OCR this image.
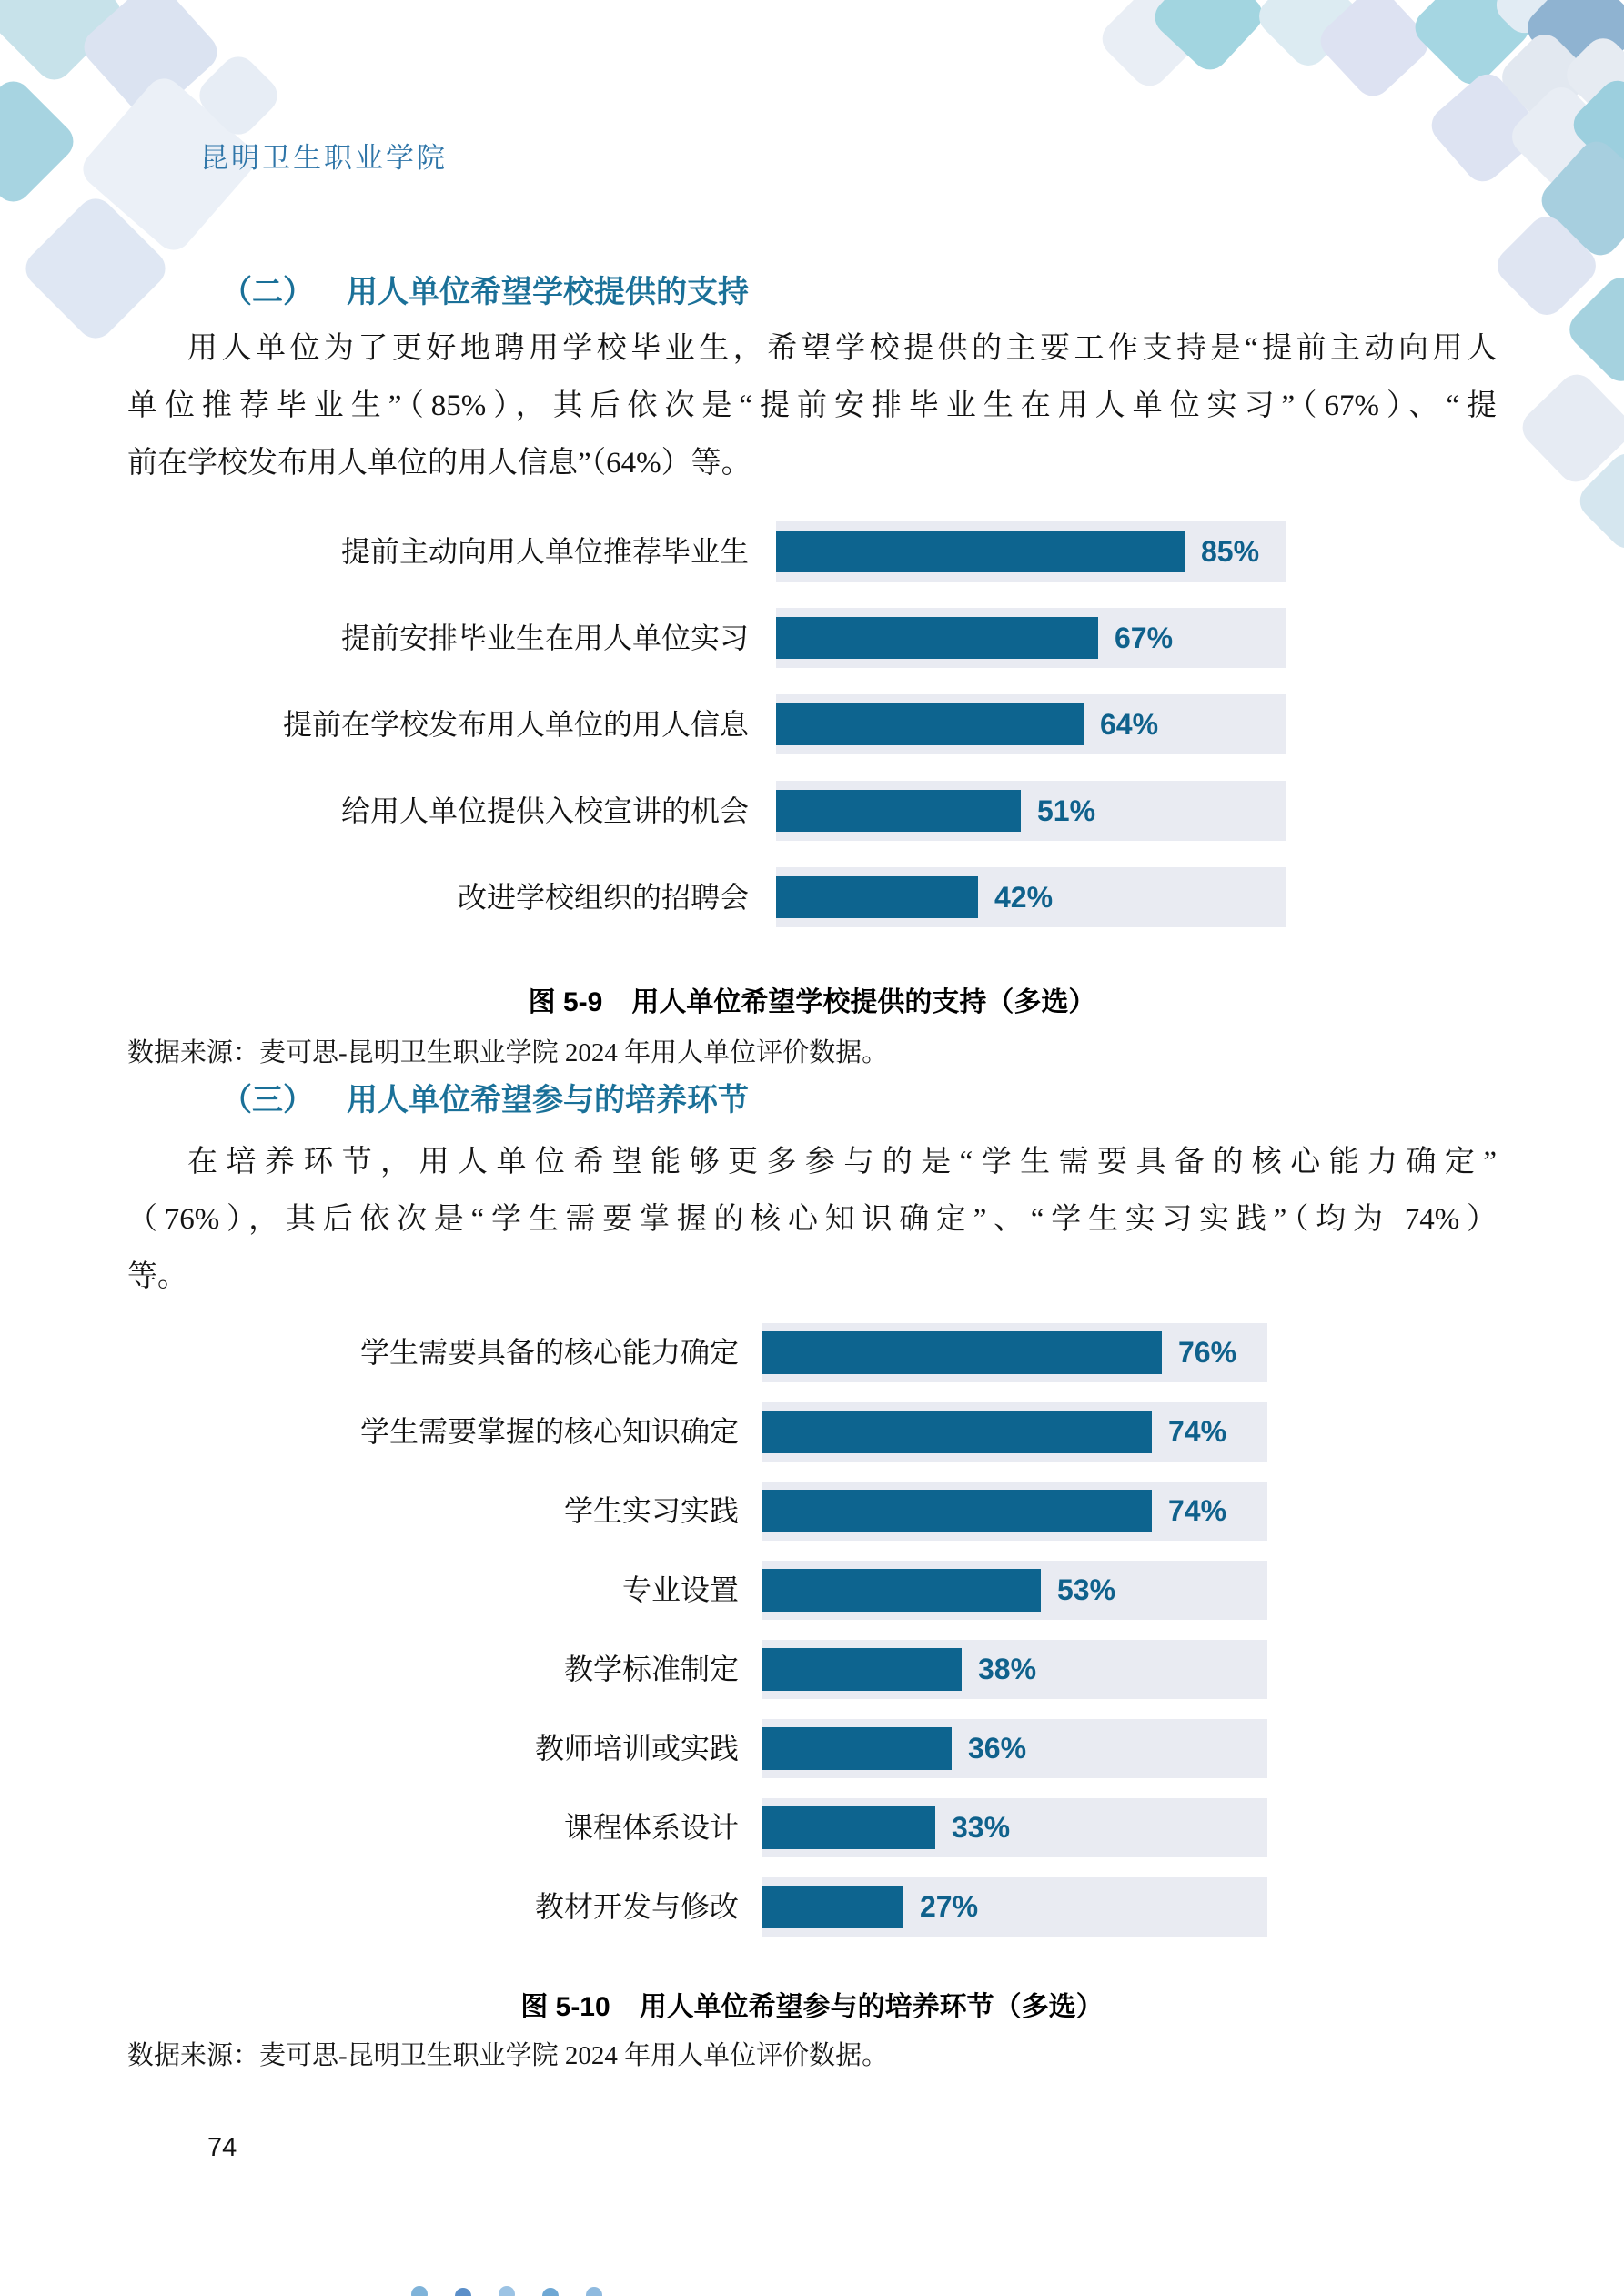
昆明卫生职业学院
（二） 用人单位希望学校提供的支持
用人单位为了更好地聘用学校毕业生，希望学校提供的主要工作支持是“提前主动向用人
单位推荐毕业生”（85%），其后依次是“提前安排毕业生在用人单位实习”（67%）、“提
前在学校发布用人单位的用人信息”（64%）等。
提前主动向用人单位推荐毕业生	85%
提前安排毕业生在用人单位实习	67%
提前在学校发布用人单位的用人信息	64%
给用人单位提供入校宣讲的机会	51%
改进学校组织的招聘会	42%
图 5-9 用人单位希望学校提供的支持（多选）
数据来源：麦可思-昆明卫生职业学院 2024 年用人单位评价数据。
（三） 用人单位希望参与的培养环节
在培养环节，用人单位希望能够更多参与的是“学生需要具备的核心能力确定”
（76%），其后依次是“学生需要掌握的核心知识确定”、“学生实习实践”（均为 74%）
等。
学生需要具备的核心能力确定	76%
学生需要掌握的核心知识确定	74%
学生实习实践	74%
专业设置	53%
教学标准制定	38%
教师培训或实践	36%
课程体系设计	33%
教材开发与修改	27%
图 5-10 用人单位希望参与的培养环节（多选）
数据来源：麦可思-昆明卫生职业学院 2024 年用人单位评价数据。
74
